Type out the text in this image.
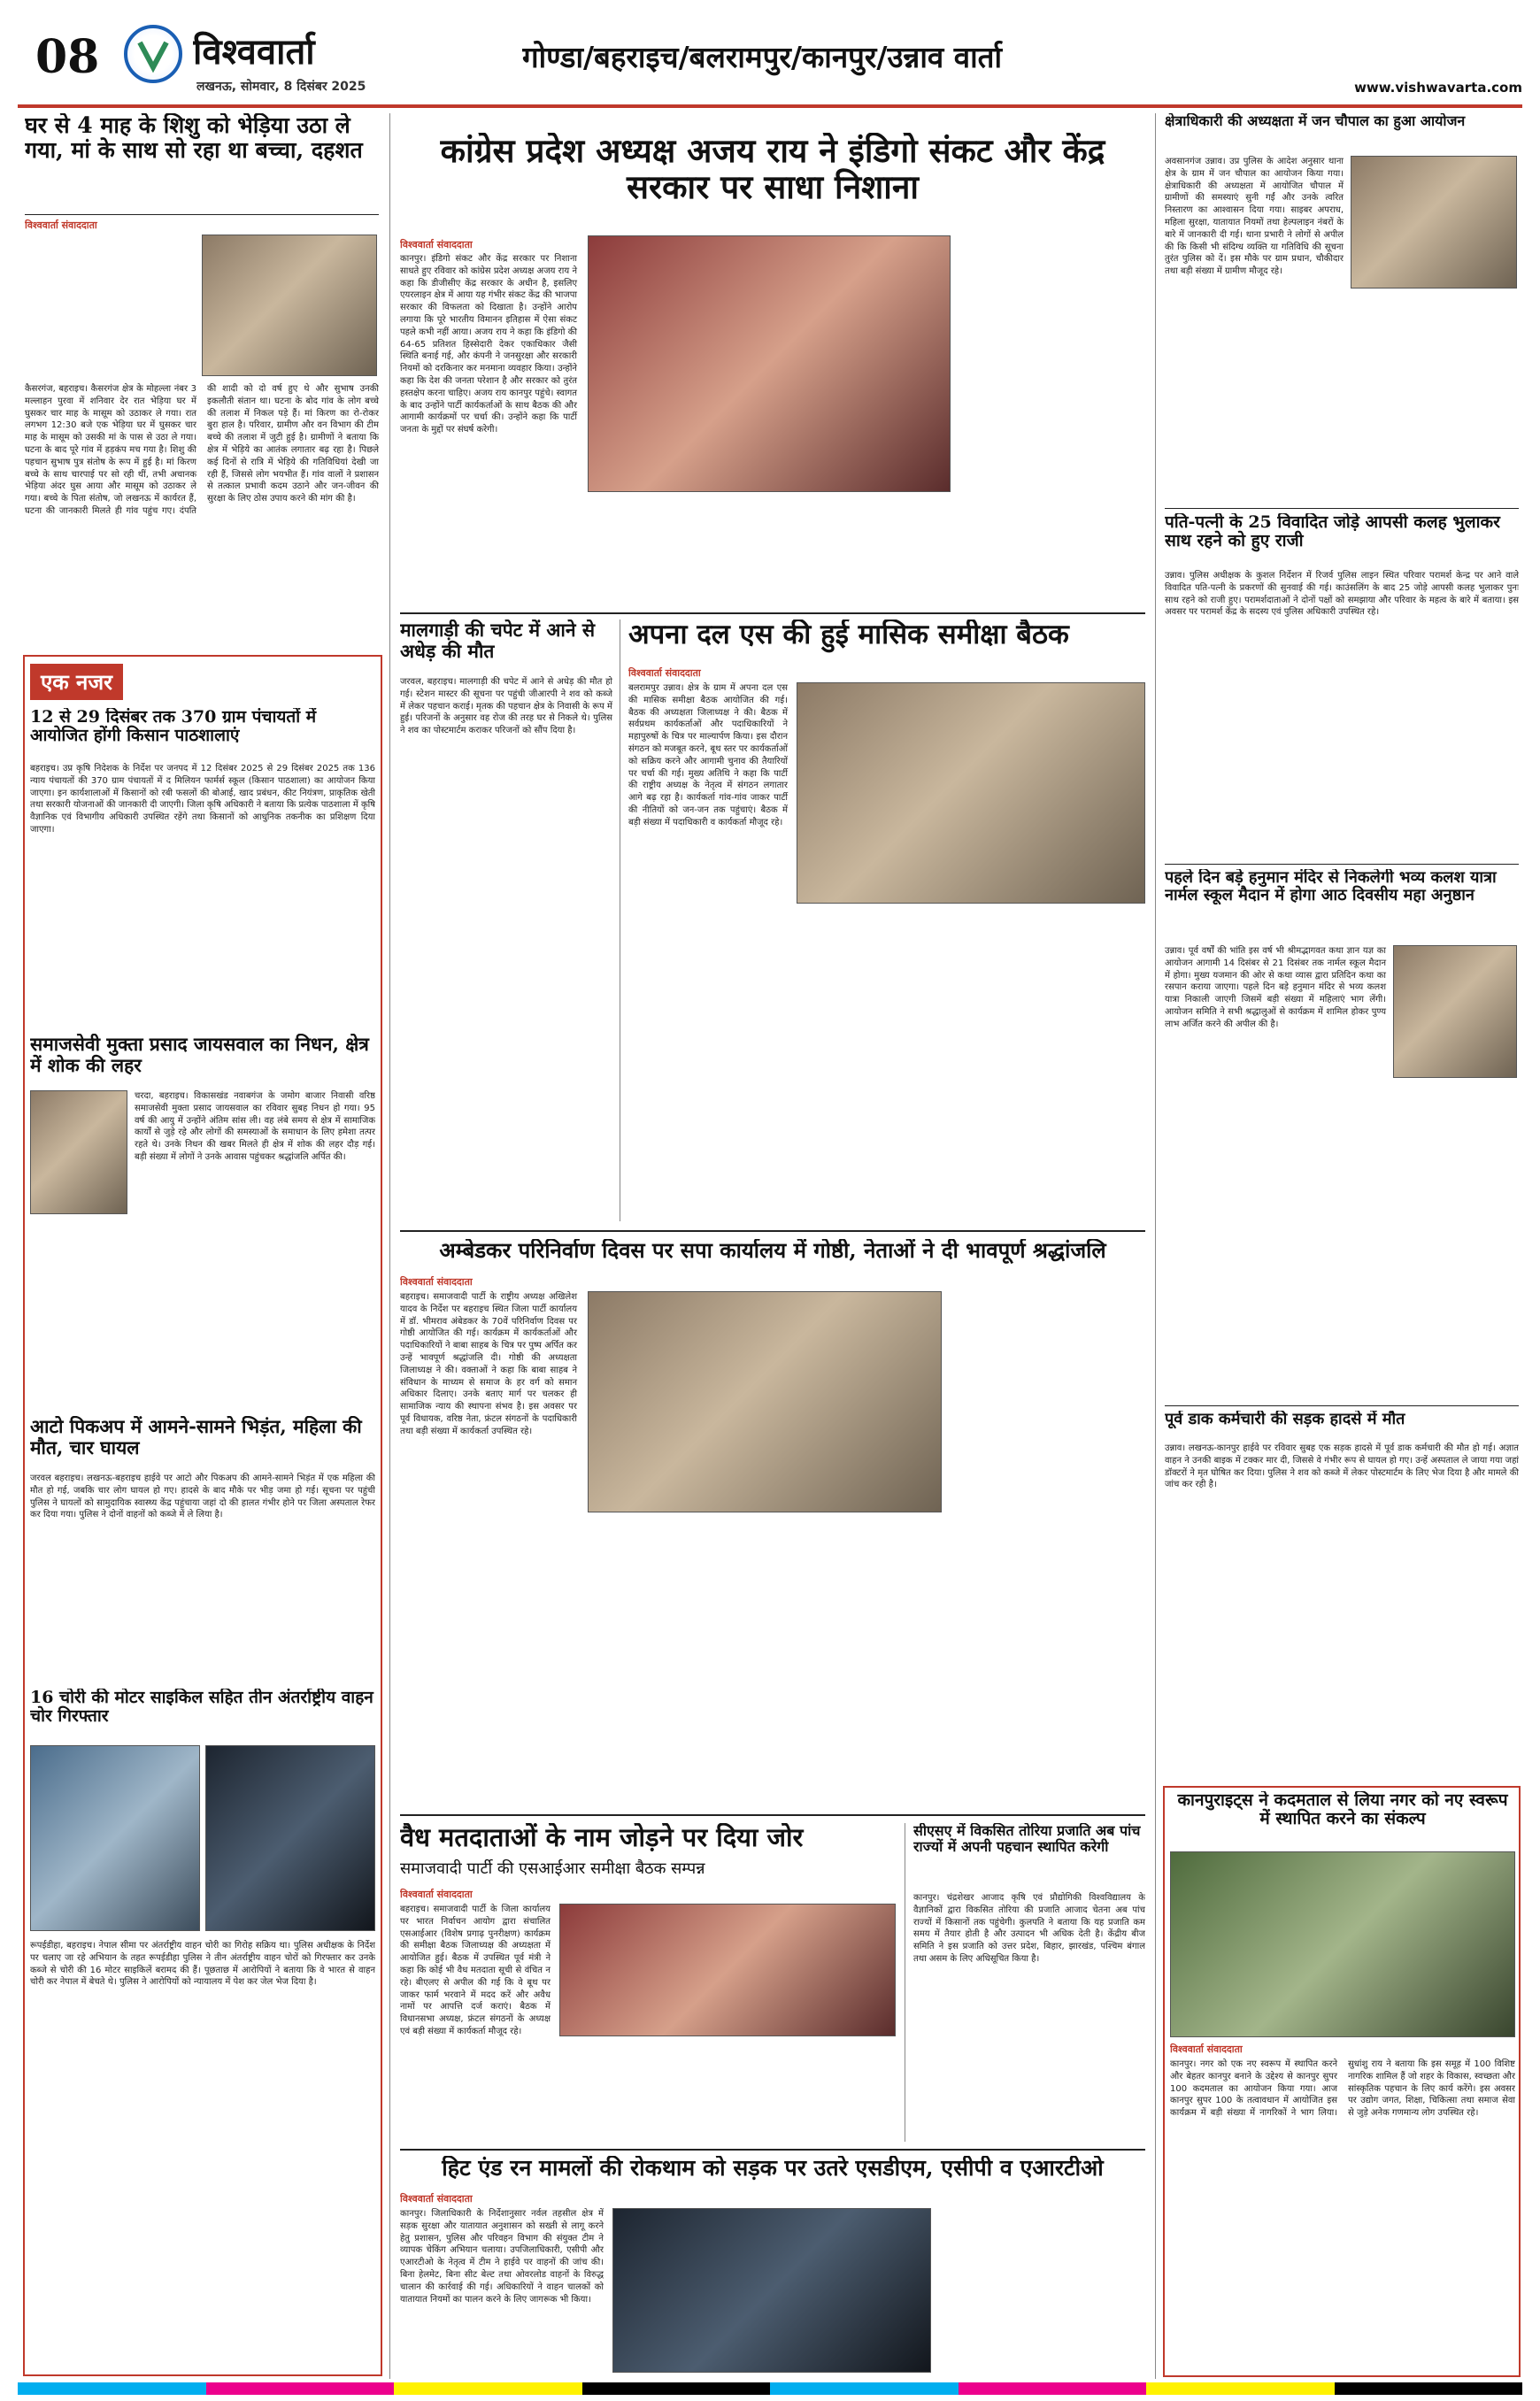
08	विश्ववार्ता
लखनऊ, सोमवार, 8 दिसंबर 2025
गोण्डा/बहराइच/बलरामपुर/कानपुर/उन्नाव वार्ता
www.vishwavarta.com
घर से 4 माह के शिशु को भेड़िया उठा ले गया, मां के साथ सो रहा था बच्चा, दहशत
विश्ववार्ता संवाददाता
कैसरगंज, बहराइच। कैसरगंज क्षेत्र के मोहल्ला नंबर 3 मल्लाहन पुरवा में शनिवार देर रात भेड़िया घर में घुसकर चार माह के मासूम को उठाकर ले गया। रात लगभग 12:30 बजे एक भेड़िया घर में घुसकर चार माह के मासूम को उसकी मां के पास से उठा ले गया। घटना के बाद पूरे गांव में हड़कंप मच गया है। शिशु की पहचान सुभाष पुत्र संतोष के रूप में हुई है। मां किरण बच्चे के साथ चारपाई पर सो रही थीं, तभी अचानक भेड़िया अंदर घुस आया और मासूम को उठाकर ले गया। बच्चे के पिता संतोष, जो लखनऊ में कार्यरत हैं, घटना की जानकारी मिलते ही गांव पहुंच गए। दंपति की शादी को दो वर्ष हुए थे और सुभाष उनकी इकलौती संतान था। घटना के बोद गांव के लोग बच्चे की तलाश में निकल पड़े हैं। मां किरण का रो-रोकर बुरा हाल है। परिवार, ग्रामीण और वन विभाग की टीम बच्चे की तलाश में जुटी हुई है। ग्रामीणों ने बताया कि क्षेत्र में भेड़िये का आतंक लगातार बढ़ रहा है। पिछले कई दिनों से रात्रि में भेड़िये की गतिविधियां देखी जा रही हैं, जिससे लोग भयभीत हैं। गांव वालों ने प्रशासन से तत्काल प्रभावी कदम उठाने और जन-जीवन की सुरक्षा के लिए ठोस उपाय करने की मांग की है।
एक नजर
12 से 29 दिसंबर तक 370 ग्राम पंचायतों में आयोजित होंगी किसान पाठशालाएं
बहराइच। उप्र कृषि निदेशक के निर्देश पर जनपद में 12 दिसंबर 2025 से 29 दिसंबर 2025 तक 136 न्याय पंचायतों की 370 ग्राम पंचायतों में द मिलियन फार्मर्स स्कूल (किसान पाठशाला) का आयोजन किया जाएगा। इन कार्यशालाओं में किसानों को रबी फसलों की बोआई, खाद प्रबंधन, कीट नियंत्रण, प्राकृतिक खेती तथा सरकारी योजनाओं की जानकारी दी जाएगी। जिला कृषि अधिकारी ने बताया कि प्रत्येक पाठशाला में कृषि वैज्ञानिक एवं विभागीय अधिकारी उपस्थित रहेंगे तथा किसानों को आधुनिक तकनीक का प्रशिक्षण दिया जाएगा।
समाजसेवी मुक्ता प्रसाद जायसवाल का निधन, क्षेत्र में शोक की लहर
चरदा, बहराइच। विकासखंड नवाबगंज के जमोग बाजार निवासी वरिष्ठ समाजसेवी मुक्ता प्रसाद जायसवाल का रविवार सुबह निधन हो गया। 95 वर्ष की आयु में उन्होंने अंतिम सांस ली। वह लंबे समय से क्षेत्र में सामाजिक कार्यों से जुड़े रहे और लोगों की समस्याओं के समाधान के लिए हमेशा तत्पर रहते थे। उनके निधन की खबर मिलते ही क्षेत्र में शोक की लहर दौड़ गई। बड़ी संख्या में लोगों ने उनके आवास पहुंचकर श्रद्धांजलि अर्पित की।
आटो पिकअप में आमने-सामने भिड़ंत, महिला की मौत, चार घायल
जरवल बहराइच। लखनऊ-बहराइच हाईवे पर आटो और पिकअप की आमने-सामने भिड़ंत में एक महिला की मौत हो गई, जबकि चार लोग घायल हो गए। हादसे के बाद मौके पर भीड़ जमा हो गई। सूचना पर पहुंची पुलिस ने घायलों को सामुदायिक स्वास्थ्य केंद्र पहुंचाया जहां दो की हालत गंभीर होने पर जिला अस्पताल रेफर कर दिया गया। पुलिस ने दोनों वाहनों को कब्जे में ले लिया है।
16 चोरी की मोटर साइकिल सहित तीन अंतर्राष्ट्रीय वाहन चोर गिरफ्तार
रूपईडीहा, बहराइच। नेपाल सीमा पर अंतर्राष्ट्रीय वाहन चोरी का गिरोह सक्रिय था। पुलिस अधीक्षक के निर्देश पर चलाए जा रहे अभियान के तहत रूपईडीहा पुलिस ने तीन अंतर्राष्ट्रीय वाहन चोरों को गिरफ्तार कर उनके कब्जे से चोरी की 16 मोटर साइकिलें बरामद की हैं। पूछताछ में आरोपियों ने बताया कि वे भारत से वाहन चोरी कर नेपाल में बेचते थे। पुलिस ने आरोपियों को न्यायालय में पेश कर जेल भेज दिया है।
कांग्रेस प्रदेश अध्यक्ष अजय राय ने इंडिगो संकट और केंद्र सरकार पर साधा निशाना
विश्ववार्ता संवाददाता
कानपुर। इंडिगो संकट और केंद्र सरकार पर निशाना साधते हुए रविवार को कांग्रेस प्रदेश अध्यक्ष अजय राय ने कहा कि डीजीसीए केंद्र सरकार के अधीन है, इसलिए एयरलाइन क्षेत्र में आया यह गंभीर संकट केंद्र की भाजपा सरकार की विफलता को दिखाता है। उन्होंने आरोप लगाया कि पूरे भारतीय विमानन इतिहास में ऐसा संकट पहले कभी नहीं आया। अजय राय ने कहा कि इंडिगो की 64-65 प्रतिशत हिस्सेदारी देकर एकाधिकार जैसी स्थिति बनाई गई, और कंपनी ने जनसुरक्षा और सरकारी नियमों को दरकिनार कर मनमाना व्यवहार किया। उन्होंने कहा कि देश की जनता परेशान है और सरकार को तुरंत हस्तक्षेप करना चाहिए। अजय राय कानपुर पहुंचे। स्वागत के बाद उन्होंने पार्टी कार्यकर्ताओं के साथ बैठक की और आगामी कार्यक्रमों पर चर्चा की। उन्होंने कहा कि पार्टी जनता के मुद्दों पर संघर्ष करेगी।
मालगाड़ी की चपेट में आने से अधेड़ की मौत
जरवल, बहराइच। मालगाड़ी की चपेट में आने से अधेड़ की मौत हो गई। स्टेशन मास्टर की सूचना पर पहुंची जीआरपी ने शव को कब्जे में लेकर पहचान कराई। मृतक की पहचान क्षेत्र के निवासी के रूप में हुई। परिजनों के अनुसार वह रोज की तरह घर से निकले थे। पुलिस ने शव का पोस्टमार्टम कराकर परिजनों को सौंप दिया है।
अपना दल एस की हुई मासिक समीक्षा बैठक
विश्ववार्ता संवाददाता
बलरामपुर उन्नाव। क्षेत्र के ग्राम में अपना दल एस की मासिक समीक्षा बैठक आयोजित की गई। बैठक की अध्यक्षता जिलाध्यक्ष ने की। बैठक में सर्वप्रथम कार्यकर्ताओं और पदाधिकारियों ने महापुरुषों के चित्र पर माल्यार्पण किया। इस दौरान संगठन को मजबूत करने, बूथ स्तर पर कार्यकर्ताओं को सक्रिय करने और आगामी चुनाव की तैयारियों पर चर्चा की गई। मुख्य अतिथि ने कहा कि पार्टी की राष्ट्रीय अध्यक्ष के नेतृत्व में संगठन लगातार आगे बढ़ रहा है। कार्यकर्ता गांव-गांव जाकर पार्टी की नीतियों को जन-जन तक पहुंचाएं। बैठक में बड़ी संख्या में पदाधिकारी व कार्यकर्ता मौजूद रहे।
अम्बेडकर परिनिर्वाण दिवस पर सपा कार्यालय में गोष्ठी, नेताओं ने दी भावपूर्ण श्रद्धांजलि
विश्ववार्ता संवाददाता
बहराइच। समाजवादी पार्टी के राष्ट्रीय अध्यक्ष अखिलेश यादव के निर्देश पर बहराइच स्थित जिला पार्टी कार्यालय में डॉ. भीमराव अंबेडकर के 70वें परिनिर्वाण दिवस पर गोष्ठी आयोजित की गई। कार्यक्रम में कार्यकर्ताओं और पदाधिकारियों ने बाबा साहब के चित्र पर पुष्प अर्पित कर उन्हें भावपूर्ण श्रद्धांजलि दी। गोष्ठी की अध्यक्षता जिलाध्यक्ष ने की। वक्ताओं ने कहा कि बाबा साहब ने संविधान के माध्यम से समाज के हर वर्ग को समान अधिकार दिलाए। उनके बताए मार्ग पर चलकर ही सामाजिक न्याय की स्थापना संभव है। इस अवसर पर पूर्व विधायक, वरिष्ठ नेता, फ्रंटल संगठनों के पदाधिकारी तथा बड़ी संख्या में कार्यकर्ता उपस्थित रहे।
वैध मतदाताओं के नाम जोड़ने पर दिया जोर
समाजवादी पार्टी की एसआईआर समीक्षा बैठक सम्पन्न
विश्ववार्ता संवाददाता
बहराइच। समाजवादी पार्टी के जिला कार्यालय पर भारत निर्वाचन आयोग द्वारा संचालित एसआईआर (विशेष प्रगाढ़ पुनरीक्षण) कार्यक्रम की समीक्षा बैठक जिलाध्यक्ष की अध्यक्षता में आयोजित हुई। बैठक में उपस्थित पूर्व मंत्री ने कहा कि कोई भी वैध मतदाता सूची से वंचित न रहे। बीएलए से अपील की गई कि वे बूथ पर जाकर फार्म भरवाने में मदद करें और अवैध नामों पर आपत्ति दर्ज कराएं। बैठक में विधानसभा अध्यक्ष, फ्रंटल संगठनों के अध्यक्ष एवं बड़ी संख्या में कार्यकर्ता मौजूद रहे।
सीएसए में विकसित तोरिया प्रजाति अब पांच राज्यों में अपनी पहचान स्थापित करेगी
कानपुर। चंद्रशेखर आजाद कृषि एवं प्रौद्योगिकी विश्वविद्यालय के वैज्ञानिकों द्वारा विकसित तोरिया की प्रजाति आजाद चेतना अब पांच राज्यों में किसानों तक पहुंचेगी। कुलपति ने बताया कि यह प्रजाति कम समय में तैयार होती है और उत्पादन भी अधिक देती है। केंद्रीय बीज समिति ने इस प्रजाति को उत्तर प्रदेश, बिहार, झारखंड, पश्चिम बंगाल तथा असम के लिए अधिसूचित किया है।
हिट एंड रन मामलों की रोकथाम को सड़क पर उतरे एसडीएम, एसीपी व एआरटीओ
विश्ववार्ता संवाददाता
कानपुर। जिलाधिकारी के निर्देशानुसार नर्वल तहसील क्षेत्र में सड़क सुरक्षा और यातायात अनुशासन को सख्ती से लागू करने हेतु प्रशासन, पुलिस और परिवहन विभाग की संयुक्त टीम ने व्यापक चेकिंग अभियान चलाया। उपजिलाधिकारी, एसीपी और एआरटीओ के नेतृत्व में टीम ने हाईवे पर वाहनों की जांच की। बिना हेलमेट, बिना सीट बेल्ट तथा ओवरलोड वाहनों के विरुद्ध चालान की कार्रवाई की गई। अधिकारियों ने वाहन चालकों को यातायात नियमों का पालन करने के लिए जागरूक भी किया।
क्षेत्राधिकारी की अध्यक्षता में जन चौपाल का हुआ आयोजन
अवसानगंज उन्नाव। उप्र पुलिस के आदेश अनुसार थाना क्षेत्र के ग्राम में जन चौपाल का आयोजन किया गया। क्षेत्राधिकारी की अध्यक्षता में आयोजित चौपाल में ग्रामीणों की समस्याएं सुनी गईं और उनके त्वरित निस्तारण का आश्वासन दिया गया। साइबर अपराध, महिला सुरक्षा, यातायात नियमों तथा हेल्पलाइन नंबरों के बारे में जानकारी दी गई। थाना प्रभारी ने लोगों से अपील की कि किसी भी संदिग्ध व्यक्ति या गतिविधि की सूचना तुरंत पुलिस को दें। इस मौके पर ग्राम प्रधान, चौकीदार तथा बड़ी संख्या में ग्रामीण मौजूद रहे।
पति-पत्नी के 25 विवादित जोड़े आपसी कलह भुलाकर साथ रहने को हुए राजी
उन्नाव। पुलिस अधीक्षक के कुशल निर्देशन में रिजर्व पुलिस लाइन स्थित परिवार परामर्श केन्द्र पर आने वाले विवादित पति-पत्नी के प्रकरणों की सुनवाई की गई। काउंसलिंग के बाद 25 जोड़े आपसी कलह भुलाकर पुनः साथ रहने को राजी हुए। परामर्शदाताओं ने दोनों पक्षों को समझाया और परिवार के महत्व के बारे में बताया। इस अवसर पर परामर्श केंद्र के सदस्य एवं पुलिस अधिकारी उपस्थित रहे।
पहले दिन बड़े हनुमान मंदिर से निकलेगी भव्य कलश यात्रा नार्मल स्कूल मैदान में होगा आठ दिवसीय महा अनुष्ठान
उन्नाव। पूर्व वर्षों की भांति इस वर्ष भी श्रीमद्भागवत कथा ज्ञान यज्ञ का आयोजन आगामी 14 दिसंबर से 21 दिसंबर तक नार्मल स्कूल मैदान में होगा। मुख्य यजमान की ओर से कथा व्यास द्वारा प्रतिदिन कथा का रसपान कराया जाएगा। पहले दिन बड़े हनुमान मंदिर से भव्य कलश यात्रा निकाली जाएगी जिसमें बड़ी संख्या में महिलाएं भाग लेंगी। आयोजन समिति ने सभी श्रद्धालुओं से कार्यक्रम में शामिल होकर पुण्य लाभ अर्जित करने की अपील की है।
पूर्व डाक कर्मचारी की सड़क हादसे में मौत
उन्नाव। लखनऊ-कानपुर हाईवे पर रविवार सुबह एक सड़क हादसे में पूर्व डाक कर्मचारी की मौत हो गई। अज्ञात वाहन ने उनकी बाइक में टक्कर मार दी, जिससे वे गंभीर रूप से घायल हो गए। उन्हें अस्पताल ले जाया गया जहां डॉक्टरों ने मृत घोषित कर दिया। पुलिस ने शव को कब्जे में लेकर पोस्टमार्टम के लिए भेज दिया है और मामले की जांच कर रही है।
कानपुराइट्स ने कदमताल से लिया नगर को नए स्वरूप में स्थापित करने का संकल्प
विश्ववार्ता संवाददाता
कानपुर। नगर को एक नए स्वरूप में स्थापित करने और बेहतर कानपुर बनाने के उद्देश्य से कानपुर सुपर 100 कदमताल का आयोजन किया गया। आज कानपुर सुपर 100 के तत्वावधान में आयोजित इस कार्यक्रम में बड़ी संख्या में नागरिकों ने भाग लिया। सुधांशु राय ने बताया कि इस समूह में 100 विशिष्ट नागरिक शामिल हैं जो शहर के विकास, स्वच्छता और सांस्कृतिक पहचान के लिए कार्य करेंगे। इस अवसर पर उद्योग जगत, शिक्षा, चिकित्सा तथा समाज सेवा से जुड़े अनेक गणमान्य लोग उपस्थित रहे।
